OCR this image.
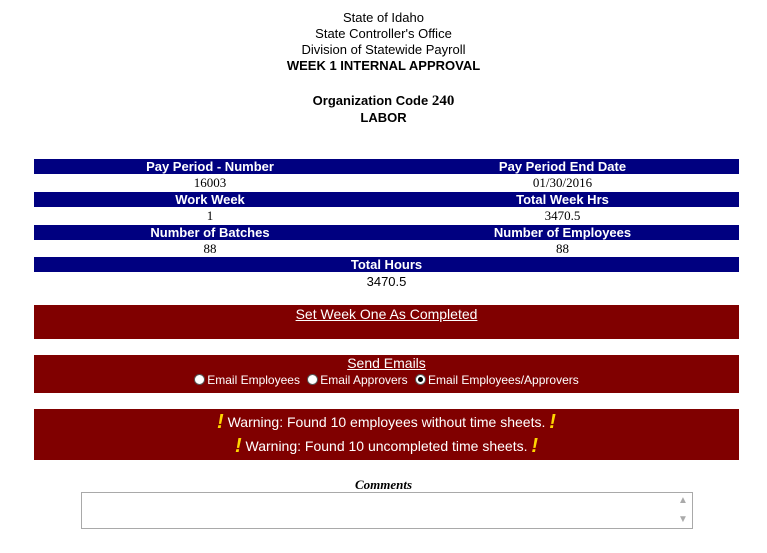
State of Idaho
State Controller's Office
Division of Statewide Payroll
WEEK 1 INTERNAL APPROVAL
Organization Code 240
LABOR
Pay Period - Number	Pay Period End Date
16003	01/30/2016
Work Week	Total Week Hrs
1	3470.5
Number of Batches	Number of Employees
88	88
Total Hours
3470.5
Set Week One As Completed
Send Emails
Email Employees Email Approvers Email Employees/Approvers
! Warning: Found 10 employees without time sheets. !
! Warning: Found 10 uncompleted time sheets. !
Comments
▲
▼
